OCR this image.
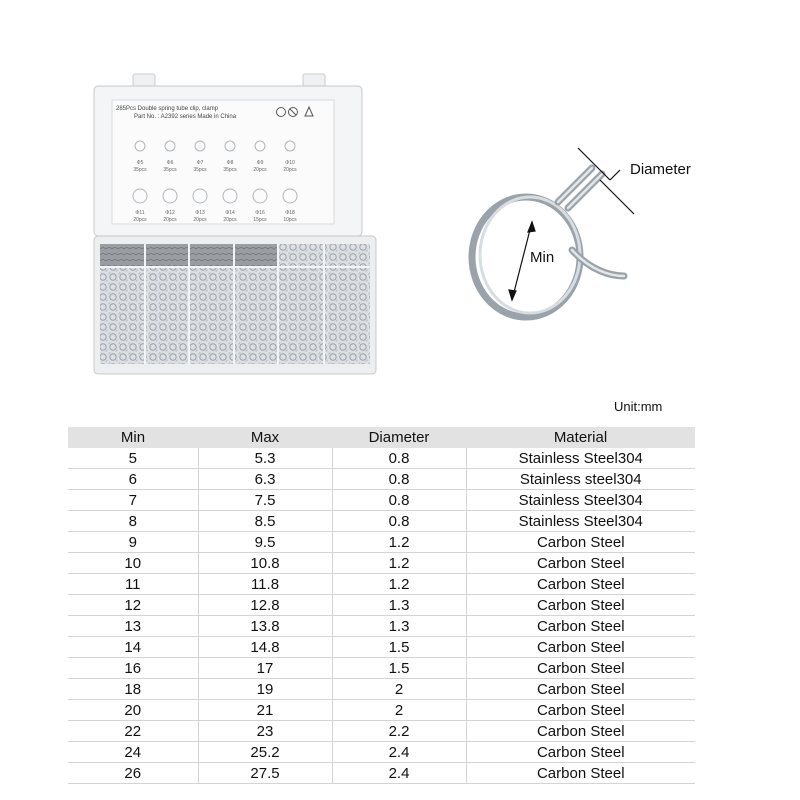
285Pcs Double spring tube clip, clamp
Part No. : A2392 series Made in China
Φ5
35pcs
Φ6
35pcs
Φ7
35pcs
Φ8
35pcs
Φ9
20pcs
Φ10
20pcs
Φ11
20pcs
Φ12
20pcs
Φ13
20pcs
Φ14
20pcs
Φ16
15pcs
Φ18
10pcs
Diameter
Min
Unit:mm
Min	Max	Diameter	Material
5	5.3	0.8	Stainless Steel304
6	6.3	0.8	Stainless steel304
7	7.5	0.8	Stainless Steel304
8	8.5	0.8	Stainless Steel304
9	9.5	1.2	Carbon Steel
10	10.8	1.2	Carbon Steel
11	11.8	1.2	Carbon Steel
12	12.8	1.3	Carbon Steel
13	13.8	1.3	Carbon Steel
14	14.8	1.5	Carbon Steel
16	17	1.5	Carbon Steel
18	19	2	Carbon Steel
20	21	2	Carbon Steel
22	23	2.2	Carbon Steel
24	25.2	2.4	Carbon Steel
26	27.5	2.4	Carbon Steel
